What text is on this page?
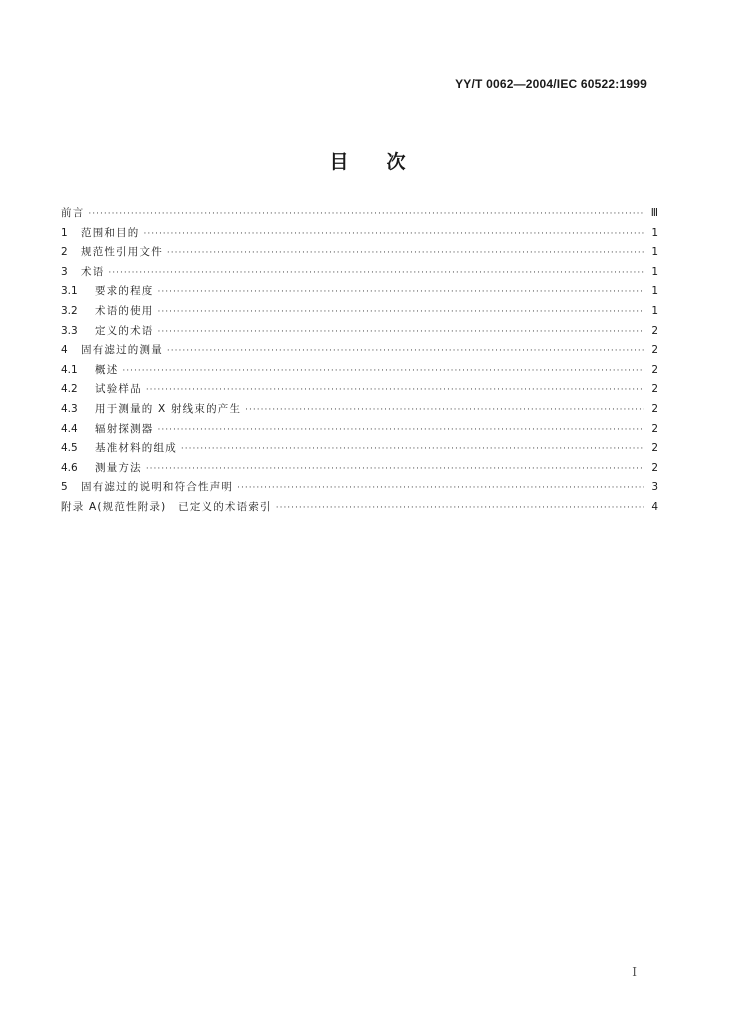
YY/T 0062—2004/IEC 60522:1999
目　　次
前言 ·····	Ⅲ
1	范围和目的 ·····	1
2	规范性引用文件 ·····	1
3	术语 ·····	1
3.1	要求的程度 ·····	1
3.2	术语的使用 ·····	1
3.3	定义的术语 ·····	2
4	固有滤过的测量 ·····	2
4.1	概述 ·····	2
4.2	试验样品 ·····	2
4.3	用于测量的 X 射线束的产生 ·····	2
4.4	辐射探测器 ·····	2
4.5	基准材料的组成 ·····	2
4.6	测量方法 ·····	2
5	固有滤过的说明和符合性声明 ·····	3
附录 A(规范性附录)　已定义的术语索引 ·····	4
Ⅰ
